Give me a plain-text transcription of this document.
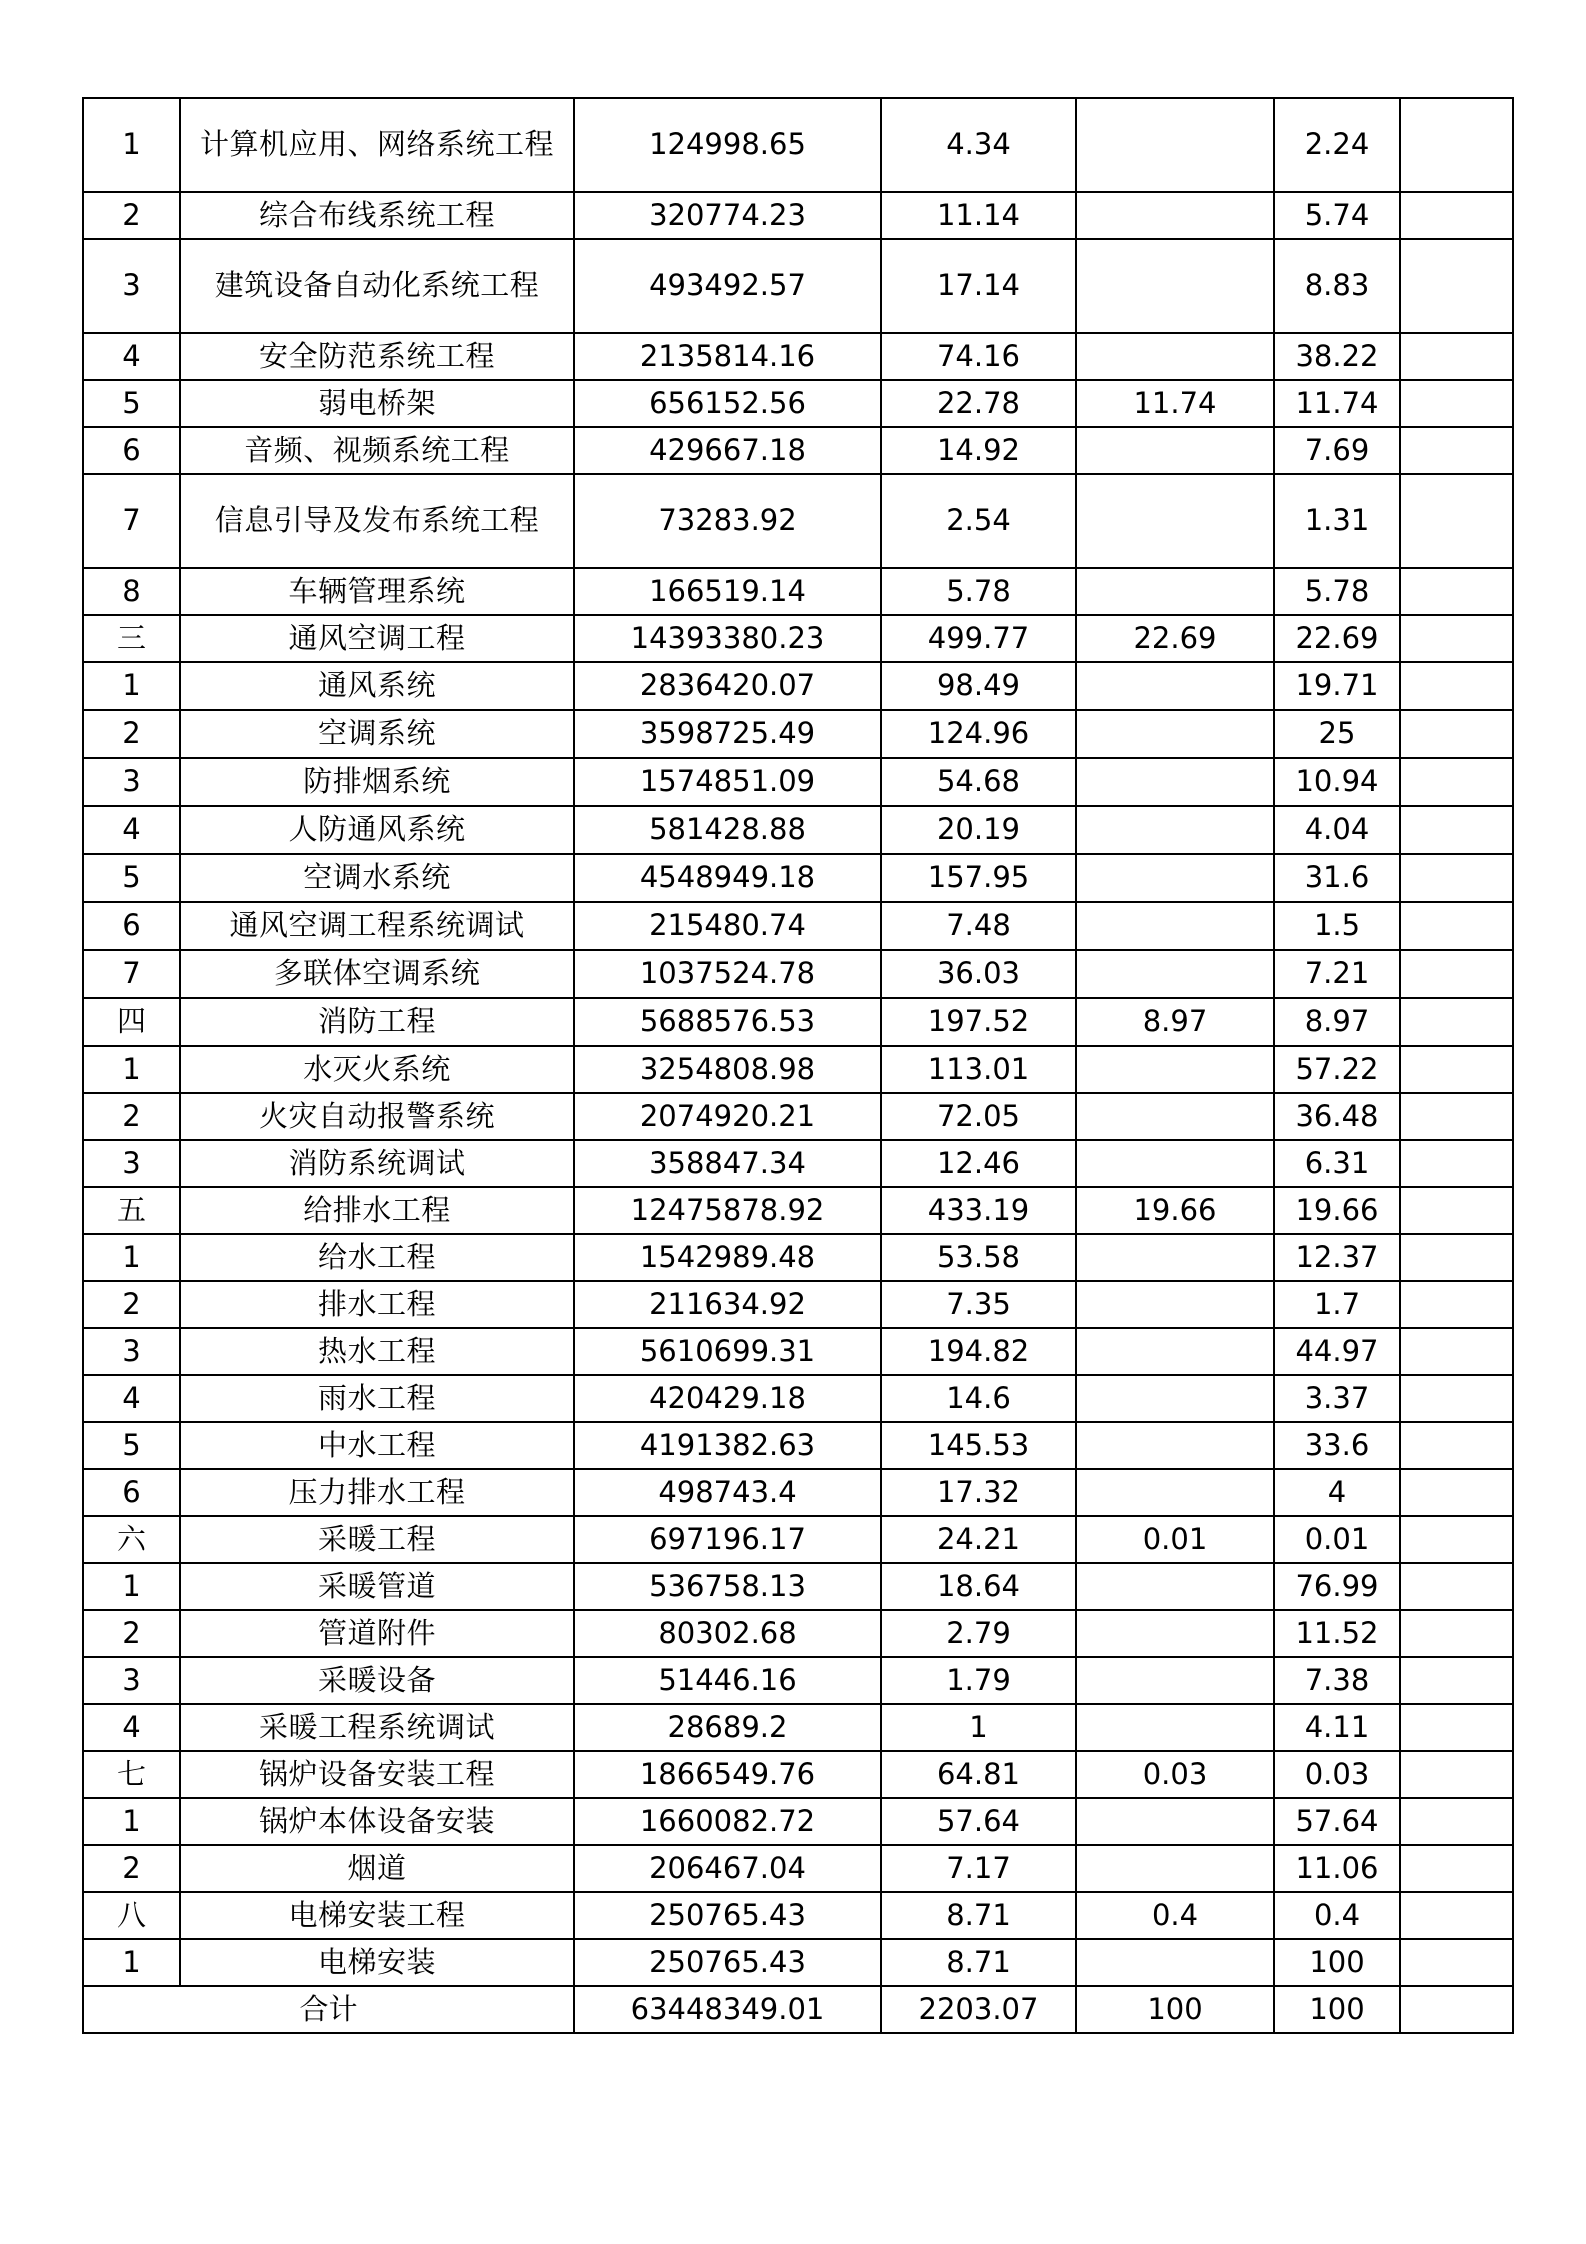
1	计算机应用、网络系统工程	124998.65	4.34		2.24	
2	综合布线系统工程	320774.23	11.14		5.74	
3	建筑设备自动化系统工程	493492.57	17.14		8.83	
4	安全防范系统工程	2135814.16	74.16		38.22	
5	弱电桥架	656152.56	22.78	11.74	11.74	
6	音频、视频系统工程	429667.18	14.92		7.69	
7	信息引导及发布系统工程	73283.92	2.54		1.31	
8	车辆管理系统	166519.14	5.78		5.78	
三	通风空调工程	14393380.23	499.77	22.69	22.69	
1	通风系统	2836420.07	98.49		19.71	
2	空调系统	3598725.49	124.96		25	
3	防排烟系统	1574851.09	54.68		10.94	
4	人防通风系统	581428.88	20.19		4.04	
5	空调水系统	4548949.18	157.95		31.6	
6	通风空调工程系统调试	215480.74	7.48		1.5	
7	多联体空调系统	1037524.78	36.03		7.21	
四	消防工程	5688576.53	197.52	8.97	8.97	
1	水灭火系统	3254808.98	113.01		57.22	
2	火灾自动报警系统	2074920.21	72.05		36.48	
3	消防系统调试	358847.34	12.46		6.31	
五	给排水工程	12475878.92	433.19	19.66	19.66	
1	给水工程	1542989.48	53.58		12.37	
2	排水工程	211634.92	7.35		1.7	
3	热水工程	5610699.31	194.82		44.97	
4	雨水工程	420429.18	14.6		3.37	
5	中水工程	4191382.63	145.53		33.6	
6	压力排水工程	498743.4	17.32		4	
六	采暖工程	697196.17	24.21	0.01	0.01	
1	采暖管道	536758.13	18.64		76.99	
2	管道附件	80302.68	2.79		11.52	
3	采暖设备	51446.16	1.79		7.38	
4	采暖工程系统调试	28689.2	1		4.11	
七	锅炉设备安装工程	1866549.76	64.81	0.03	0.03	
1	锅炉本体设备安装	1660082.72	57.64		57.64	
2	烟道	206467.04	7.17		11.06	
八	电梯安装工程	250765.43	8.71	0.4	0.4	
1	电梯安装	250765.43	8.71		100	
合计		63448349.01	2203.07	100	100	
